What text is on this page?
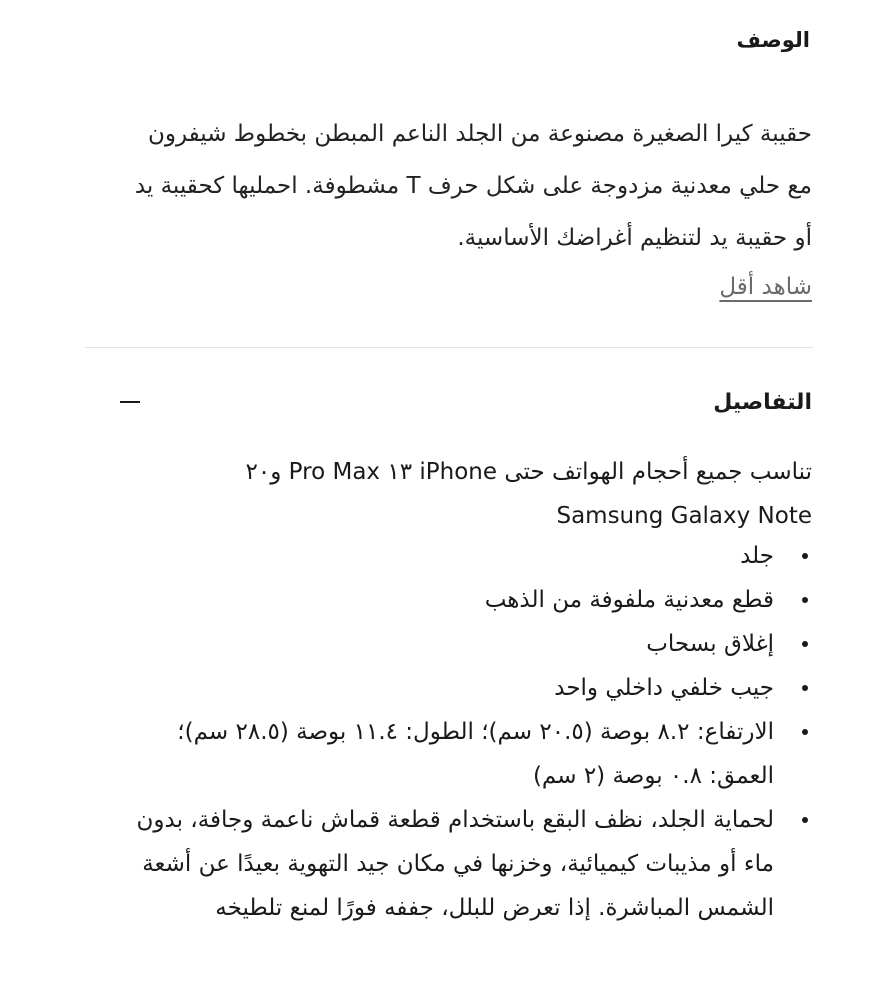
الوصف

حقيبة كيرا الصغيرة مصنوعة من الجلد الناعم المبطن بخطوط شيفرون مع حلي معدنية مزدوجة على شكل حرف T مشطوفة. احمليها كحقيبة يد أو حقيبة يد لتنظيم أغراضك الأساسية.

شاهد أقل
التفاصيل

تناسب جميع أحجام الهواتف حتى iPhone ١٣ Pro Max و٢٠ Samsung Galaxy Note

جلد
قطع معدنية ملفوفة من الذهب
إغلاق بسحاب
جيب خلفي داخلي واحد
الارتفاع: ٨.٢ بوصة (٢٠.٥ سم)؛ الطول: ١١.٤ بوصة (٢٨.٥ سم)؛ العمق: ٠.٨ بوصة (٢ سم)
لحماية الجلد، نظف البقع باستخدام قطعة قماش ناعمة وجافة، بدون ماء أو مذيبات كيميائية، وخزنها في مكان جيد التهوية بعيدًا عن أشعة الشمس المباشرة. إذا تعرض للبلل، جففه فورًا لمنع تلطيخه
